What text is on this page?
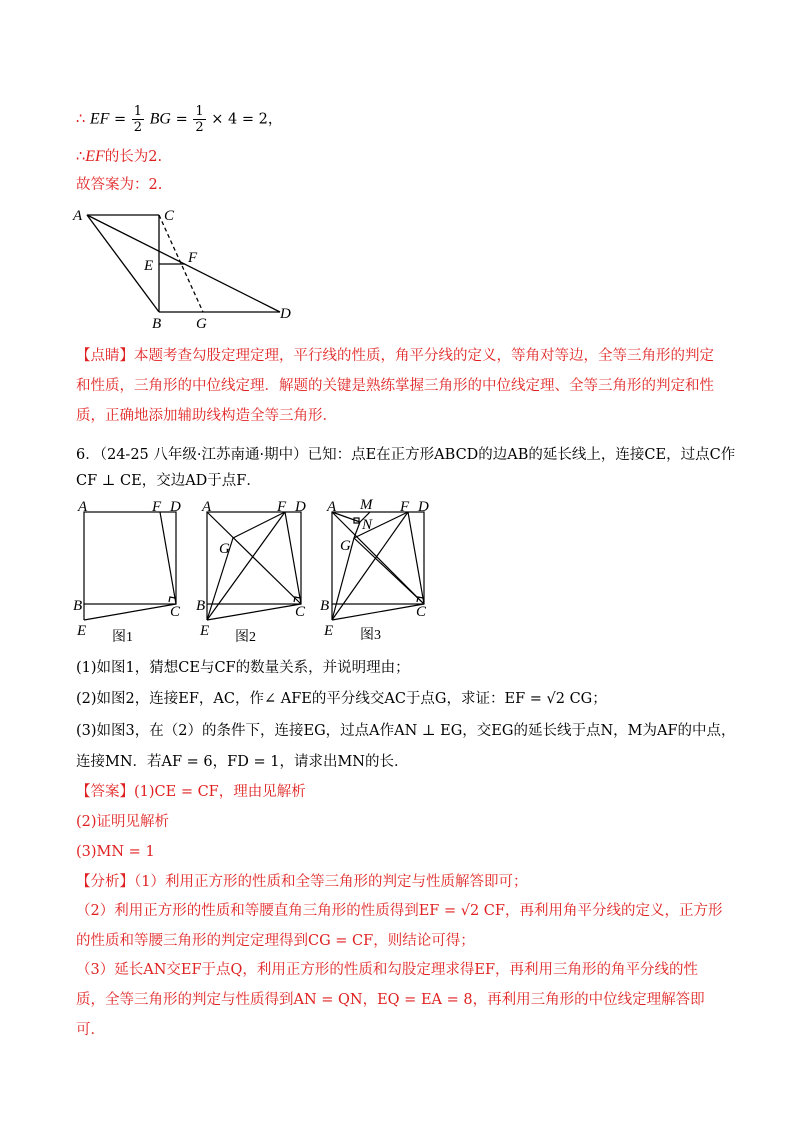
∴ EF = $\frac{1}{2}$ BG = $\frac{1}{2} \times 4 = 2$，
∴EF的长为2.
故答案为：2.
A	C
E F
B G
D
【点睛】本题考查勾股定理定理，平行线的性质，角平分线的定义，等角对等边，全等三角形的判定和性质，三角形的中位线定理．解题的关键是熟练掌握三角形的中位线定理、全等三角形的判定和性质，正确地添加辅助线构造全等三角形．
6．（24-25 八年级·江苏南通·期中）已知：点E在正方形ABCD的边AB的延长线上，连接CE，过点C作
CF ⊥ CE，交边AD于点F．
A	F D
B	C
E 图1
A	F D
G
B	C
E 图2
A M F D
N
G
B	C
E 图3
(1)如图1，猜想CE与CF的数量关系，并说明理由；
(2)如图2，连接EF，AC，作∠ AFE的平分线交AC于点G，求证：EF = √2 CG；
(3)如图3，在（2）的条件下，连接EG，过点A作AN ⊥ EG，交EG的延长线于点N，M为AF的中点，
连接MN．若AF = 6，FD = 1，请求出MN的长．
【答案】(1)CE = CF，理由见解析
(2)证明见解析
(3)MN = 1
【分析】（1）利用正方形的性质和全等三角形的判定与性质解答即可；
（2）利用正方形的性质和等腰直角三角形的性质得到EF = √2 CF，再利用角平分线的定义，正方形的性质和等腰三角形的判定定理得到CG = CF，则结论可得；
（3）延长AN交EF于点Q，利用正方形的性质和勾股定理求得EF，再利用三角形的角平分线的性质，全等三角形的判定与性质得到AN = QN，EQ = EA = 8，再利用三角形的中位线定理解答即可．
